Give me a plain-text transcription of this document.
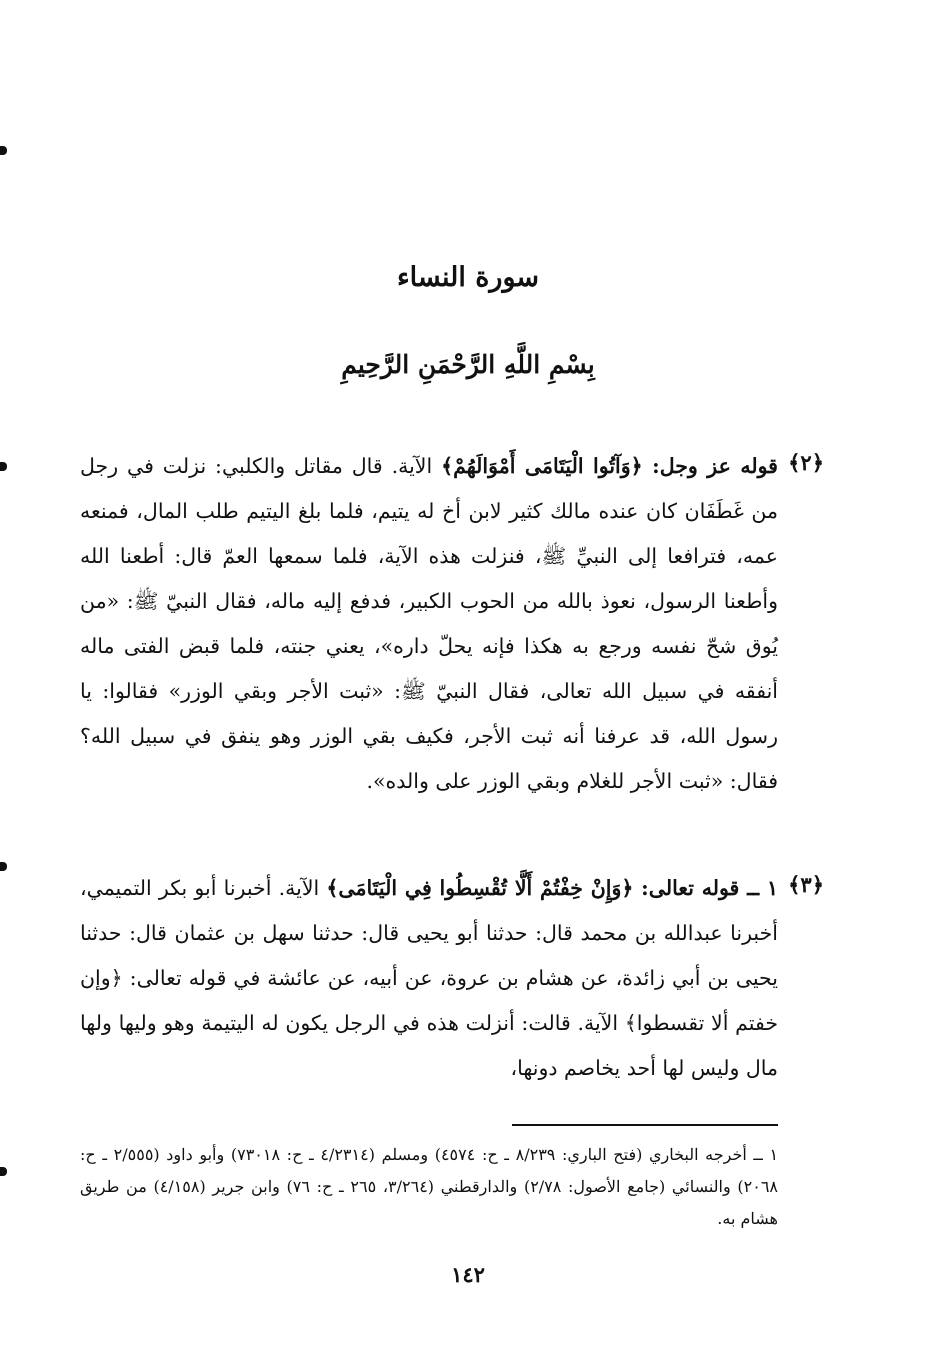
سورة النساء
بِسْمِ اللَّهِ الرَّحْمَنِ الرَّحِيمِ
﴿٢﴾
قوله عز وجل: ﴿وَآتُوا الْيَتَامَى أَمْوَالَهُمْ﴾ الآية. قال مقاتل والكلبي: نزلت في رجل من غَطَفَان كان عنده مالك كثير لابن أخ له يتيم، فلما بلغ اليتيم طلب المال، فمنعه عمه، فترافعا إلى النبيِّ ﷺ، فنزلت هذه الآية، فلما سمعها العمّ قال: أطعنا الله وأطعنا الرسول، نعوذ بالله من الحوب الكبير، فدفع إليه ماله، فقال النبيّ ﷺ: «من يُوق شحّ نفسه ورجع به هكذا فإنه يحلّ داره»، يعني جنته، فلما قبض الفتى ماله أنفقه في سبيل الله تعالى، فقال النبيّ ﷺ: «ثبت الأجر وبقي الوزر» فقالوا: يا رسول الله، قد عرفنا أنه ثبت الأجر، فكيف بقي الوزر وهو ينفق في سبيل الله؟ فقال: «ثبت الأجر للغلام وبقي الوزر على والده».
﴿٣﴾
١ ــ قوله تعالى: ﴿وَإِنْ خِفْتُمْ أَلَّا تُقْسِطُوا فِي الْيَتَامَى﴾ الآية. أخبرنا أبو بكر التميمي، أخبرنا عبدالله بن محمد قال: حدثنا أبو يحيى قال: حدثنا سهل بن عثمان قال: حدثنا يحيى بن أبي زائدة، عن هشام بن عروة، عن أبيه، عن عائشة في قوله تعالى: ﴿وإن خفتم ألا تقسطوا﴾ الآية. قالت: أنزلت هذه في الرجل يكون له اليتيمة وهو وليها ولها مال وليس لها أحد يخاصم دونها،
١ ــ أخرجه البخاري (فتح الباري: ٨/٢٣٩ ـ ح: ٤٥٧٤) ومسلم (٤/٢٣١٤ ـ ح: ٧٣٠١٨) وأبو داود (٢/٥٥٥ ـ ح: ٢٠٦٨) والنسائي (جامع الأصول: ٢/٧٨) والدارقطني (٣/٢٦٤، ٢٦٥ ـ ح: ٧٦) وابن جرير (٤/١٥٨) من طريق هشام به.
١٤٢
